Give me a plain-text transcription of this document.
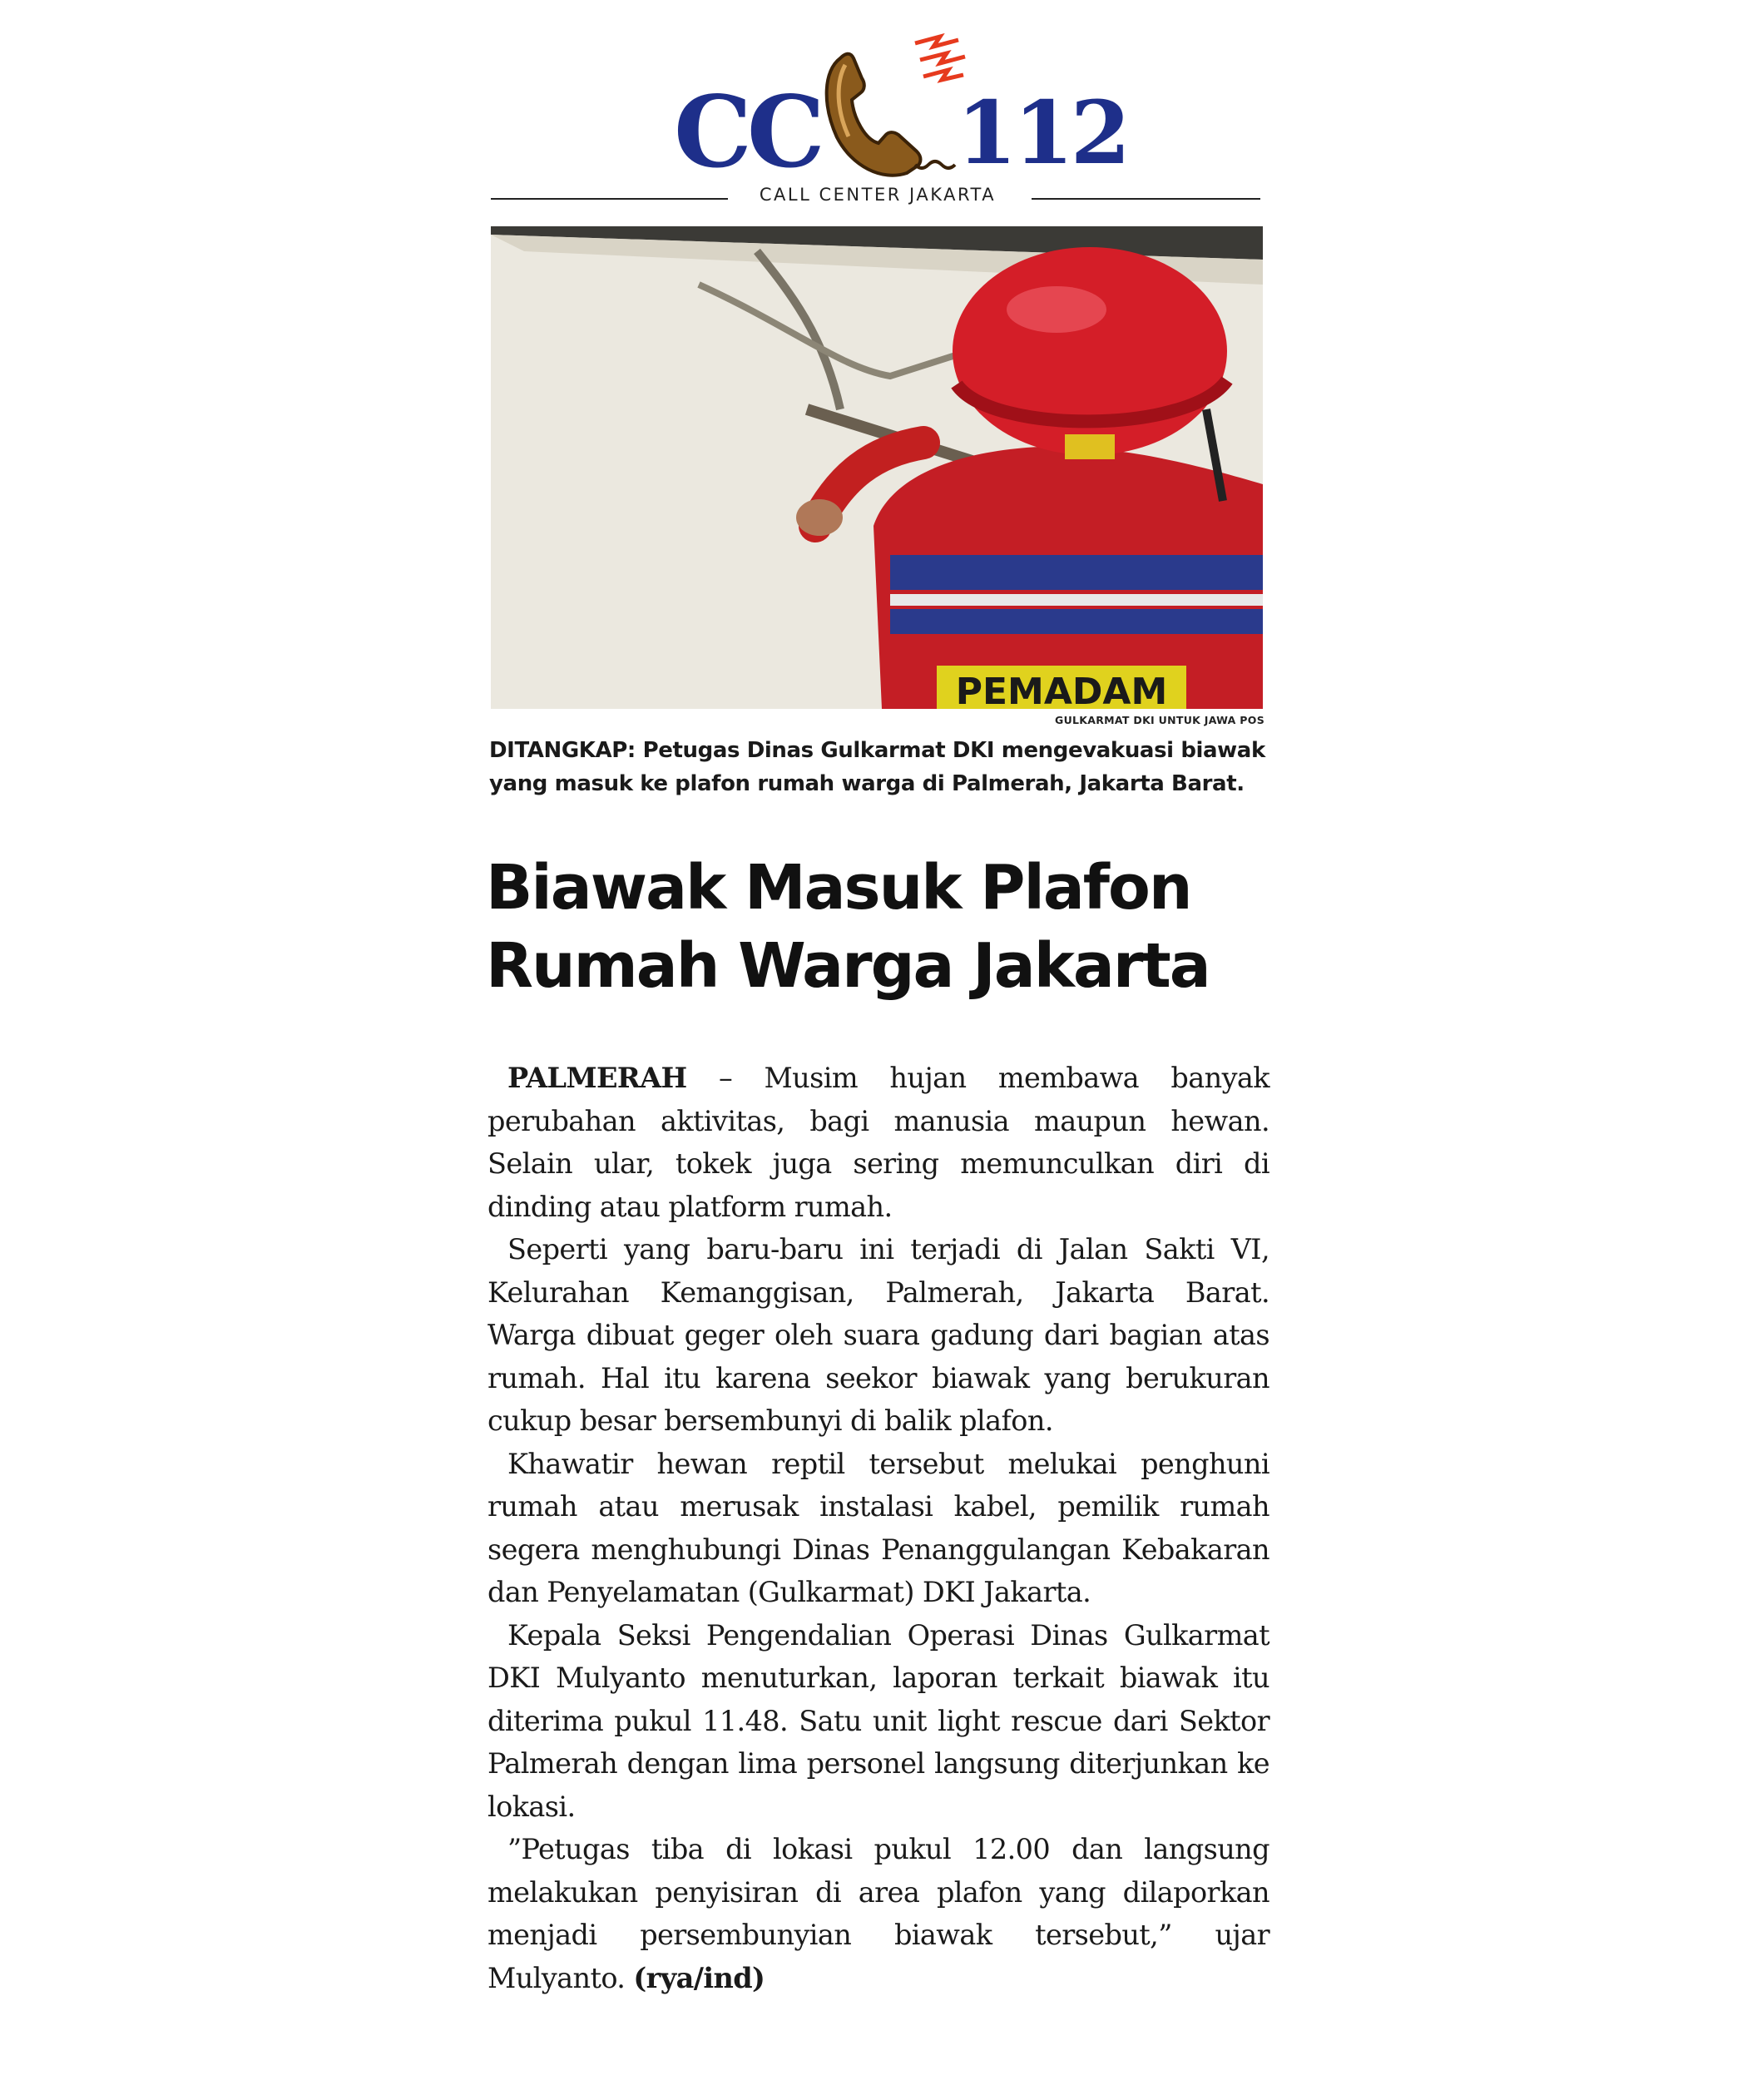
CC 112
CALL CENTER JAKARTA
PEMADAM
GULKARMAT DKI UNTUK JAWA POS
DITANGKAP: Petugas Dinas Gulkarmat DKI mengevakuasi biawak yang masuk ke plafon rumah warga di Palmerah, Jakarta Barat.
Biawak Masuk Plafon
Rumah Warga Jakarta

PALMERAH – Musim hujan membawa banyak perubahan aktivitas, bagi manusia maupun hewan. Selain ular, tokek juga sering memunculkan diri di dinding atau platform rumah.

Seperti yang baru-baru ini terjadi di Jalan Sakti VI, Kelurahan Kemanggisan, Palmerah, Jakarta Barat. Warga dibuat geger oleh suara gadung dari bagian atas rumah. Hal itu karena seekor biawak yang berukuran cukup besar bersembunyi di balik plafon.

Khawatir hewan reptil tersebut melukai penghuni rumah atau merusak instalasi kabel, pemilik rumah segera menghubungi Dinas Penanggulangan Kebakaran dan Penyelamatan (Gulkarmat) DKI Jakarta.

Kepala Seksi Pengendalian Operasi Dinas Gulkarmat DKI Mulyanto menuturkan, laporan terkait biawak itu diterima pukul 11.48. Satu unit light rescue dari Sektor Palmerah dengan lima personel langsung diterjunkan ke lokasi.

”Petugas tiba di lokasi pukul 12.00 dan langsung melakukan penyisiran di area plafon yang dilaporkan menjadi persembunyian biawak tersebut,” ujar Mulyanto. (rya/ind)
